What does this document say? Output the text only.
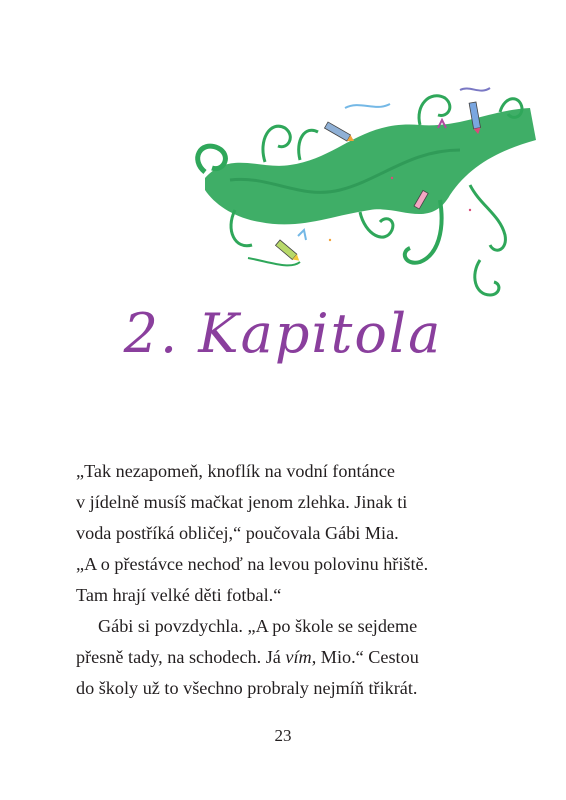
2. Kapitola
„Tak nezapomeň, knoflík na vodní fontánce
v jídelně musíš mačkat jenom zlehka. Jinak ti
voda postříká obličej,“ poučovala Gábi Mia.
„A o přestávce nechoď na levou polovinu hřiště.
Tam hrají velké děti fotbal.“
Gábi si povzdychla. „A po škole se sejdeme
přesně tady, na schodech. Já vím, Mio.“ Cestou
do školy už to všechno probraly nejmíň třikrát.
23
